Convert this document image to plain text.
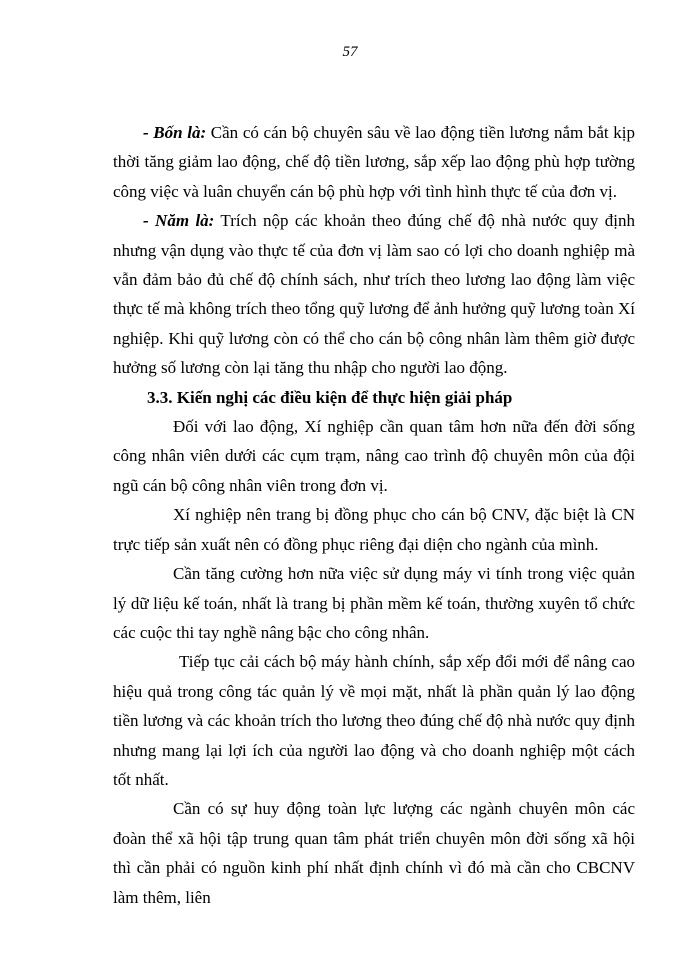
57

- Bốn là: Cần có cán bộ chuyên sâu về lao động tiền lương nắm bắt kịp thời tăng giảm lao động, chế độ tiền lương, sắp xếp lao động phù hợp tường công việc và luân chuyển cán bộ phù hợp với tình hình thực tế của đơn vị.

- Năm là: Trích nộp các khoản theo đúng chế độ nhà nước quy định nhưng vận dụng vào thực tế của đơn vị làm sao có lợi cho doanh nghiệp mà vẫn đảm bảo đủ chế độ chính sách, như trích theo lương lao động làm việc thực tế mà không trích theo tổng quỹ lương để ảnh hưởng quỹ lương toàn Xí nghiệp. Khi quỹ lương còn có thể cho cán bộ công nhân làm thêm giờ được hưởng số lương còn lại tăng thu nhập cho người lao động.

3.3. Kiến nghị các điều kiện để thực hiện giải pháp

Đối với lao động, Xí nghiệp cần quan tâm hơn nữa đến đời sống công nhân viên dưới các cụm trạm, nâng cao trình độ chuyên môn của đội ngũ cán bộ công nhân viên trong đơn vị.

Xí nghiệp nên trang bị đồng phục cho cán bộ CNV, đặc biệt là CN trực tiếp sản xuất nên có đồng phục riêng đại diện cho ngành của mình.

Cần tăng cường hơn nữa việc sử dụng máy vi tính trong việc quản lý dữ liệu kế toán, nhất là trang bị phần mềm kế toán, thường xuyên tổ chức các cuộc thi tay nghề nâng bậc cho công nhân.

Tiếp tục cải cách bộ máy hành chính, sắp xếp đổi mới để nâng cao hiệu quả trong công tác quản lý về mọi mặt, nhất là phần quản lý lao động tiền lương và các khoản trích tho lương theo đúng chế độ nhà nước quy định nhưng mang lại lợi ích của người lao động và cho doanh nghiệp một cách tốt nhất.

Cần có sự huy động toàn lực lượng các ngành chuyên môn các đoàn thể xã hội tập trung quan tâm phát triển chuyên môn đời sống xã hội thì cần phải có nguồn kinh phí nhất định chính vì đó mà cần cho CBCNV làm thêm, liên
